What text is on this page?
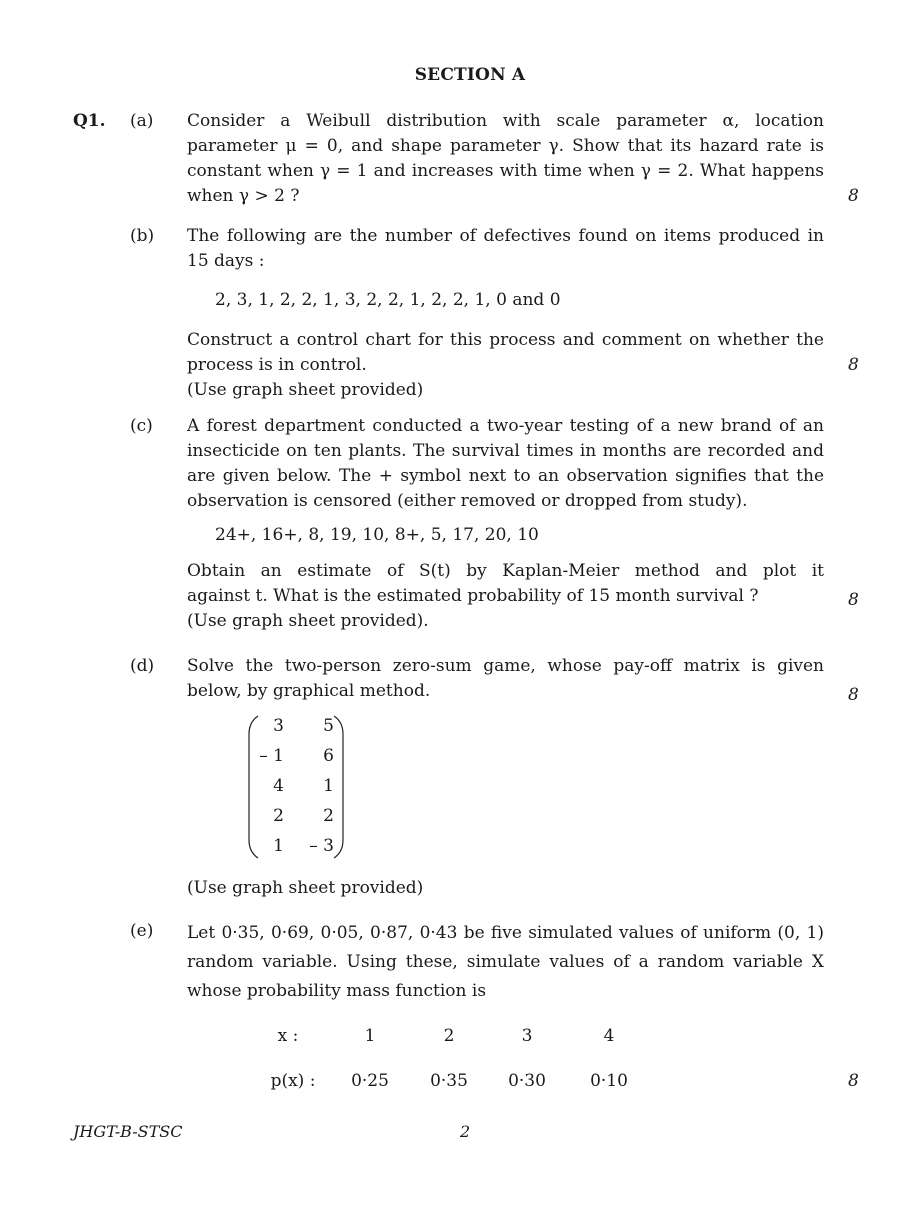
SECTION A
Q1. (a) Consider a Weibull distribution with scale parameter α, location
parameter μ = 0, and shape parameter γ. Show that its hazard rate is
constant when γ = 1 and increases with time when γ = 2. What happens
when γ > 2 ?	8
(b) The following are the number of defectives found on items produced in
15 days :
2, 3, 1, 2, 2, 1, 3, 2, 2, 1, 2, 2, 1, 0 and 0
Construct a control chart for this process and comment on whether the
process is in control.
(Use graph sheet provided)
8
(c) A forest department conducted a two-year testing of a new brand of an
insecticide on ten plants. The survival times in months are recorded and
are given below. The + symbol next to an observation signifies that the
observation is censored (either removed or dropped from study).
24+, 16+, 8, 19, 10, 8+, 5, 17, 20, 10
Obtain an estimate of S(t) by Kaplan-Meier method and plot it
against t. What is the estimated probability of 15 month survival ?
(Use graph sheet provided).
8
(d) Solve the two-person zero-sum game, whose pay-off matrix is given
below, by graphical method.	8
3	5
– 1	6
4	1
2	2
1	– 3
(Use graph sheet provided)
(e) Let 0·35, 0·69, 0·05, 0·87, 0·43 be five simulated values of uniform (0, 1)
random variable. Using these, simulate values of a random variable X
whose probability mass function is
x :	1	2	3	4
p(x) :	0·25	0·35	0·30	0·10	8
JHGT-B-STSC	2
